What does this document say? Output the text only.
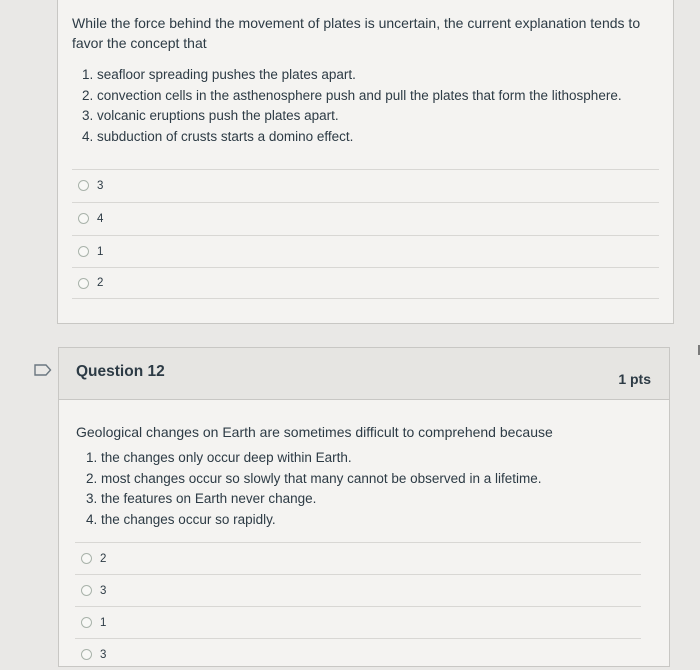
While the force behind the movement of plates is uncertain, the current explanation tends to favor the concept that
1. seafloor spreading pushes the plates apart.
2. convection cells in the asthenosphere push and pull the plates that form the lithosphere.
3. volcanic eruptions push the plates apart.
4. subduction of crusts starts a domino effect.
3
4
1
2
Question 12	1 pts
Geological changes on Earth are sometimes difficult to comprehend because
1. the changes only occur deep within Earth.
2. most changes occur so slowly that many cannot be observed in a lifetime.
3. the features on Earth never change.
4. the changes occur so rapidly.
2
3
1
3
